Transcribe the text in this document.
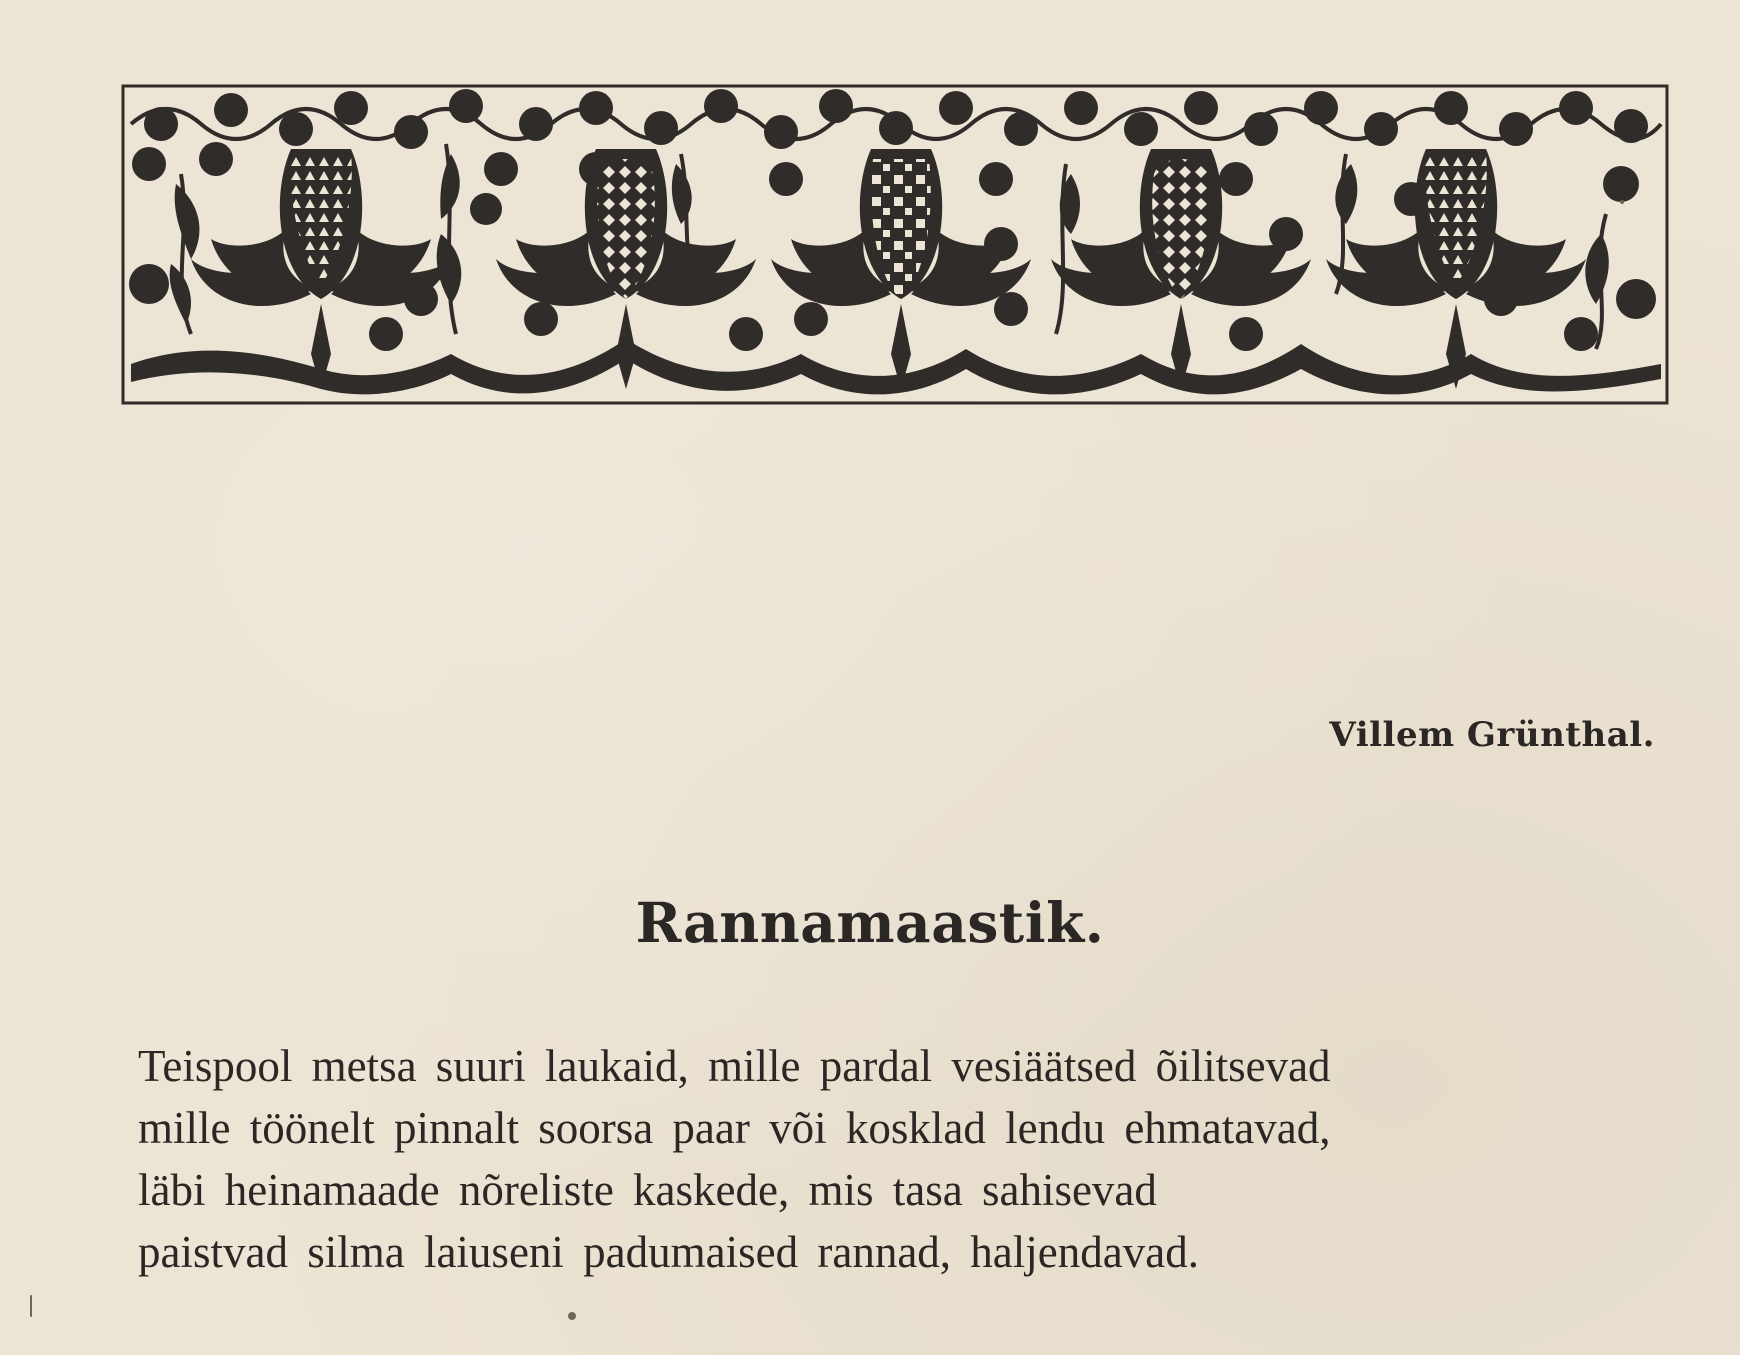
Villem Grünthal.
Rannamaastik.
Teispool metsa suuri laukaid, mille pardal vesiäätsed õilitsevad
mille töönelt pinnalt soorsa paar või kosklad lendu ehmatavad,
läbi heinamaade nõreliste kaskede, mis tasa sahisevad
paistvad silma laiuseni padumaised rannad, haljendavad.
